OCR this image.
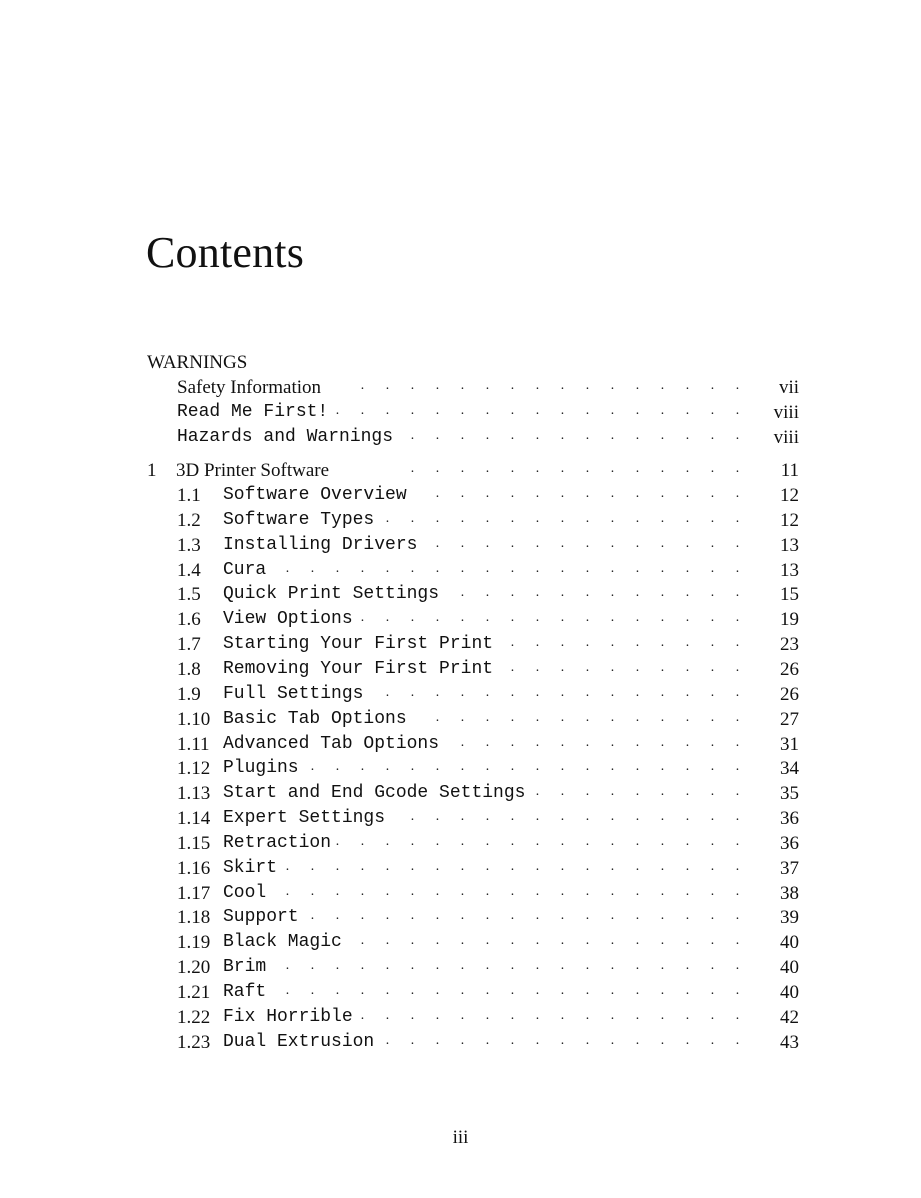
Contents
WARNINGS
Safety Information	· · · · · · · · · · · · · · · · vii
Read Me First! · · · · · · · · · · · · · · · · ·	viii
Hazards and Warnings	· · · · · · · · · · · · · ·	viii
1 3D Printer Software	· · · · · · · · · · · · · ·	11
1.1 Software Overview	· · · · · · · · · · · · ·	12
1.2 Software Types · · · · · · · · · · · · · · ·	12
1.3 Installing Drivers	· · · · · · · · · · · · ·	13
1.4 Cura	· · · · · · · · · · · · · · · · · · ·	13
1.5 Quick Print Settings	· · · · · · · · · · · ·	15
1.6 View Options · · · · · · · · · · · · · · · ·	19
1.7 Starting Your First Print	· · · · · · · · · ·	23
1.8 Removing Your First Print	· · · · · · · · · ·	26
1.9 Full Settings	· · · · · · · · · · · · · · ·	26
1.10 Basic Tab Options	· · · · · · · · · · · · ·	27
1.11 Advanced Tab Options	· · · · · · · · · · · ·	31
1.12 Plugins · · · · · · · · · · · · · · · · · ·	34
1.13 Start and End Gcode Settings · · · · · · · · ·	35
1.14 Expert Settings	· · · · · · · · · · · · · ·	36
1.15 Retraction · · · · · · · · · · · · · · · · ·	36
1.16 Skirt · · · · · · · · · · · · · · · · · · ·	37
1.17 Cool	· · · · · · · · · · · · · · · · · · ·	38
1.18 Support · · · · · · · · · · · · · · · · · ·	39
1.19 Black Magic	· · · · · · · · · · · · · · · ·	40
1.20 Brim	· · · · · · · · · · · · · · · · · · ·	40
1.21 Raft	· · · · · · · · · · · · · · · · · · ·	40
1.22 Fix Horrible · · · · · · · · · · · · · · · ·	42
1.23 Dual Extrusion · · · · · · · · · · · · · · ·	43
iii
